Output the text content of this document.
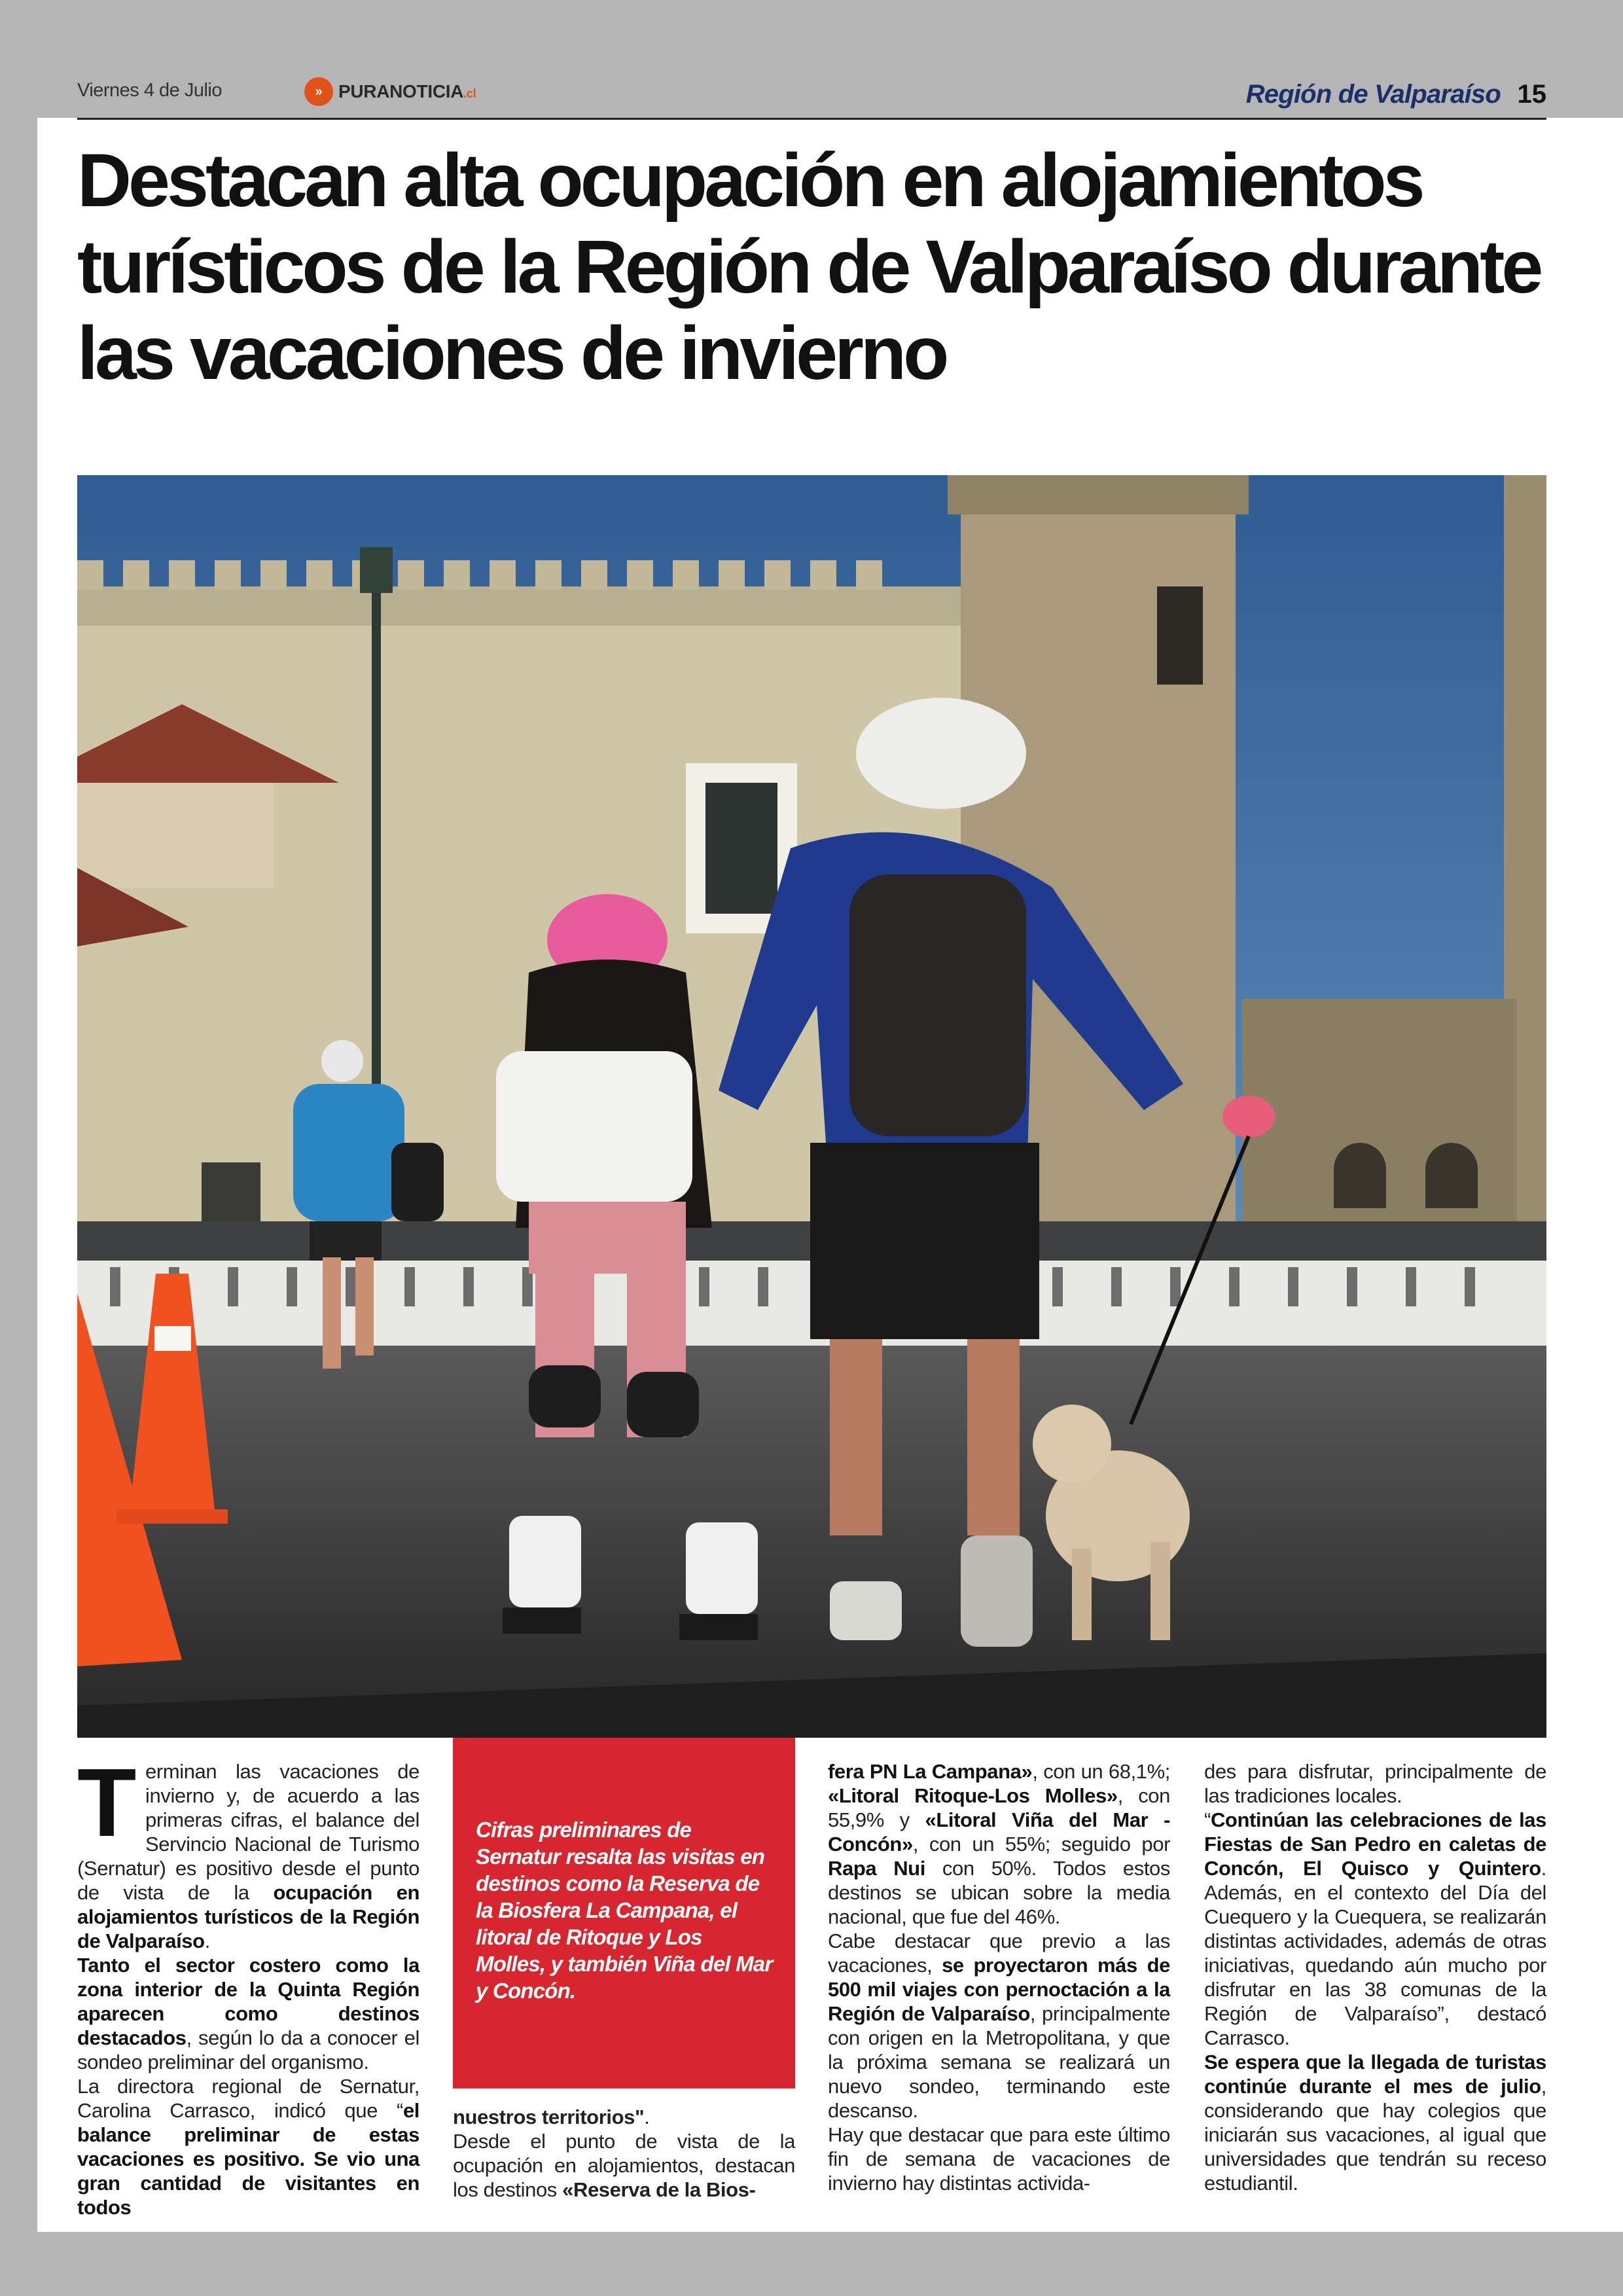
Viernes 4 de Julio	» PURANOTICIA.cl	Región de Valparaíso 15
Destacan alta ocupación en alojamientos turísticos de la Región de Valparaíso durante las vacaciones de invierno
T erminan las vacaciones de invierno y, de acuerdo a las primeras cifras, el balance del Servincio Nacional de Turismo (Sernatur) es positivo desde el punto de vista de la ocupación en alojamientos turísticos de la Región de Valparaíso.

Tanto el sector costero como la zona interior de la Quinta Región aparecen como destinos destacados, según lo da a conocer el sondeo preliminar del organismo.

La directora regional de Sernatur, Carolina Carrasco, indicó que “el balance preliminar de estas vacaciones es positivo. Se vio una gran cantidad de visitantes en todos

Cifras preliminares de Sernatur resalta las visitas en destinos como la Reserva de la Biosfera La Campana, el litoral de Ritoque y Los Molles, y también Viña del Mar y Concón.

nuestros territorios".

Desde el punto de vista de la ocupación en alojamientos, destacan los destinos «Reserva de la Bios-

fera PN La Campana», con un 68,1%; «Litoral Ritoque-Los Molles», con 55,9% y «Litoral Viña del Mar - Concón», con un 55%; seguido por Rapa Nui con 50%. Todos estos destinos se ubican sobre la media nacional, que fue del 46%.

Cabe destacar que previo a las vacaciones, se proyectaron más de 500 mil viajes con pernoctación a la Región de Valparaíso, principalmente con origen en la Metropolitana, y que la próxima semana se realizará un nuevo sondeo, terminando este descanso.

Hay que destacar que para este último fin de semana de vacaciones de invierno hay distintas activida-

des para disfrutar, principalmente de las tradiciones locales.

“Continúan las celebraciones de las Fiestas de San Pedro en caletas de Concón, El Quisco y Quintero. Además, en el contexto del Día del Cuequero y la Cuequera, se realizarán distintas actividades, además de otras iniciativas, quedando aún mucho por disfrutar en las 38 comunas de la Región de Valparaíso”, destacó Carrasco.

Se espera que la llegada de turistas continúe durante el mes de julio, considerando que hay colegios que iniciarán sus vacaciones, al igual que universidades que tendrán su receso estudiantil.
